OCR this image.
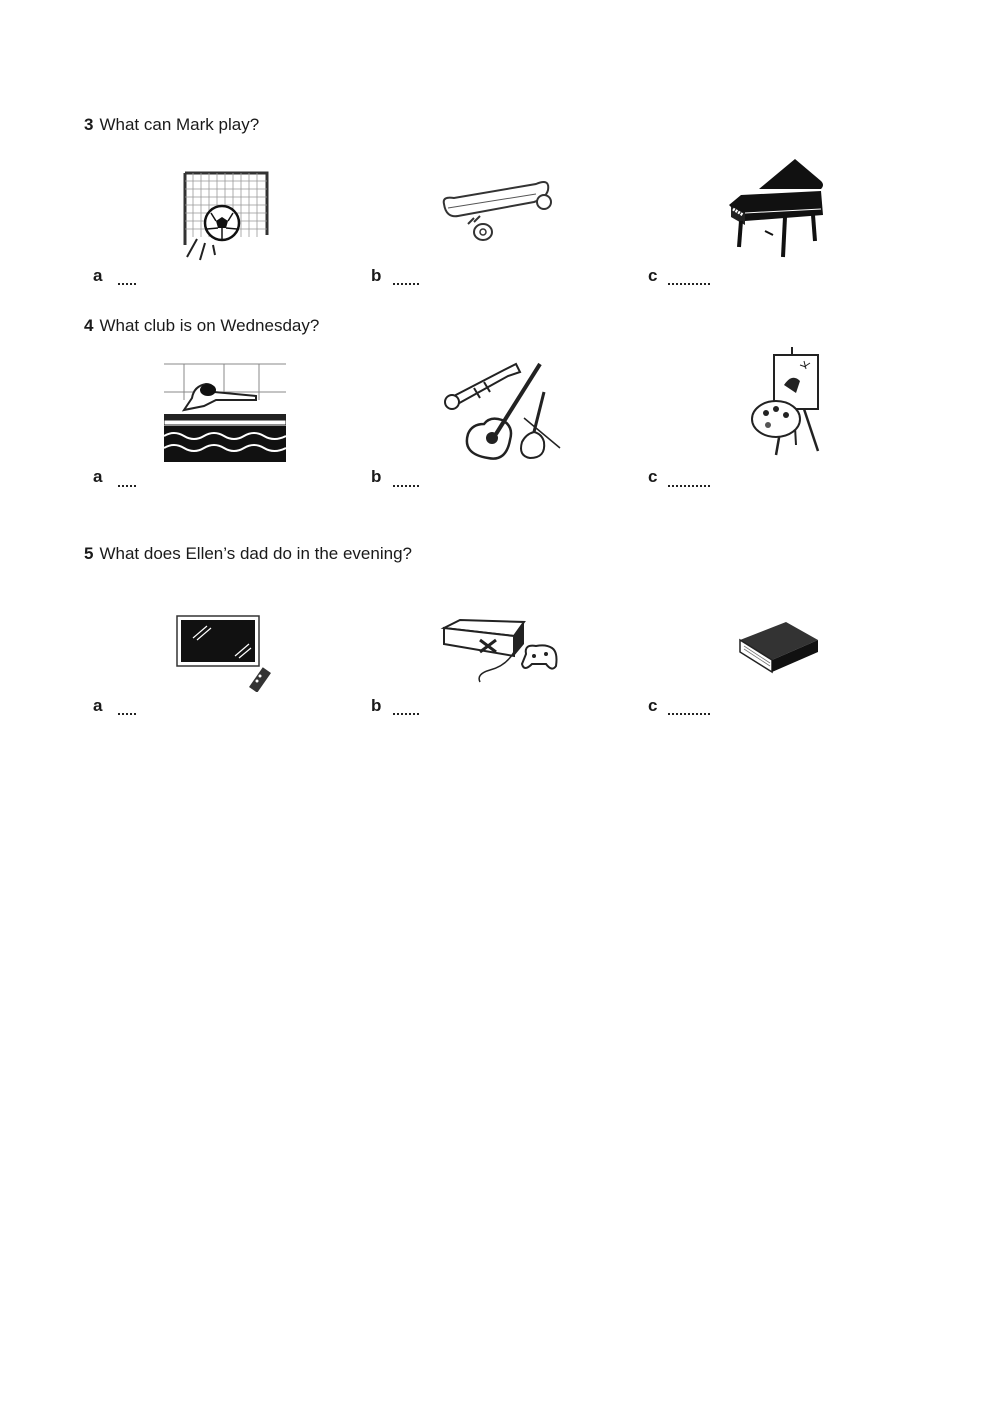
3 What can Mark play?
a	b	c
4 What club is on Wednesday?
a	b	c
5 What does Ellen’s dad do in the evening?
a	b	c
